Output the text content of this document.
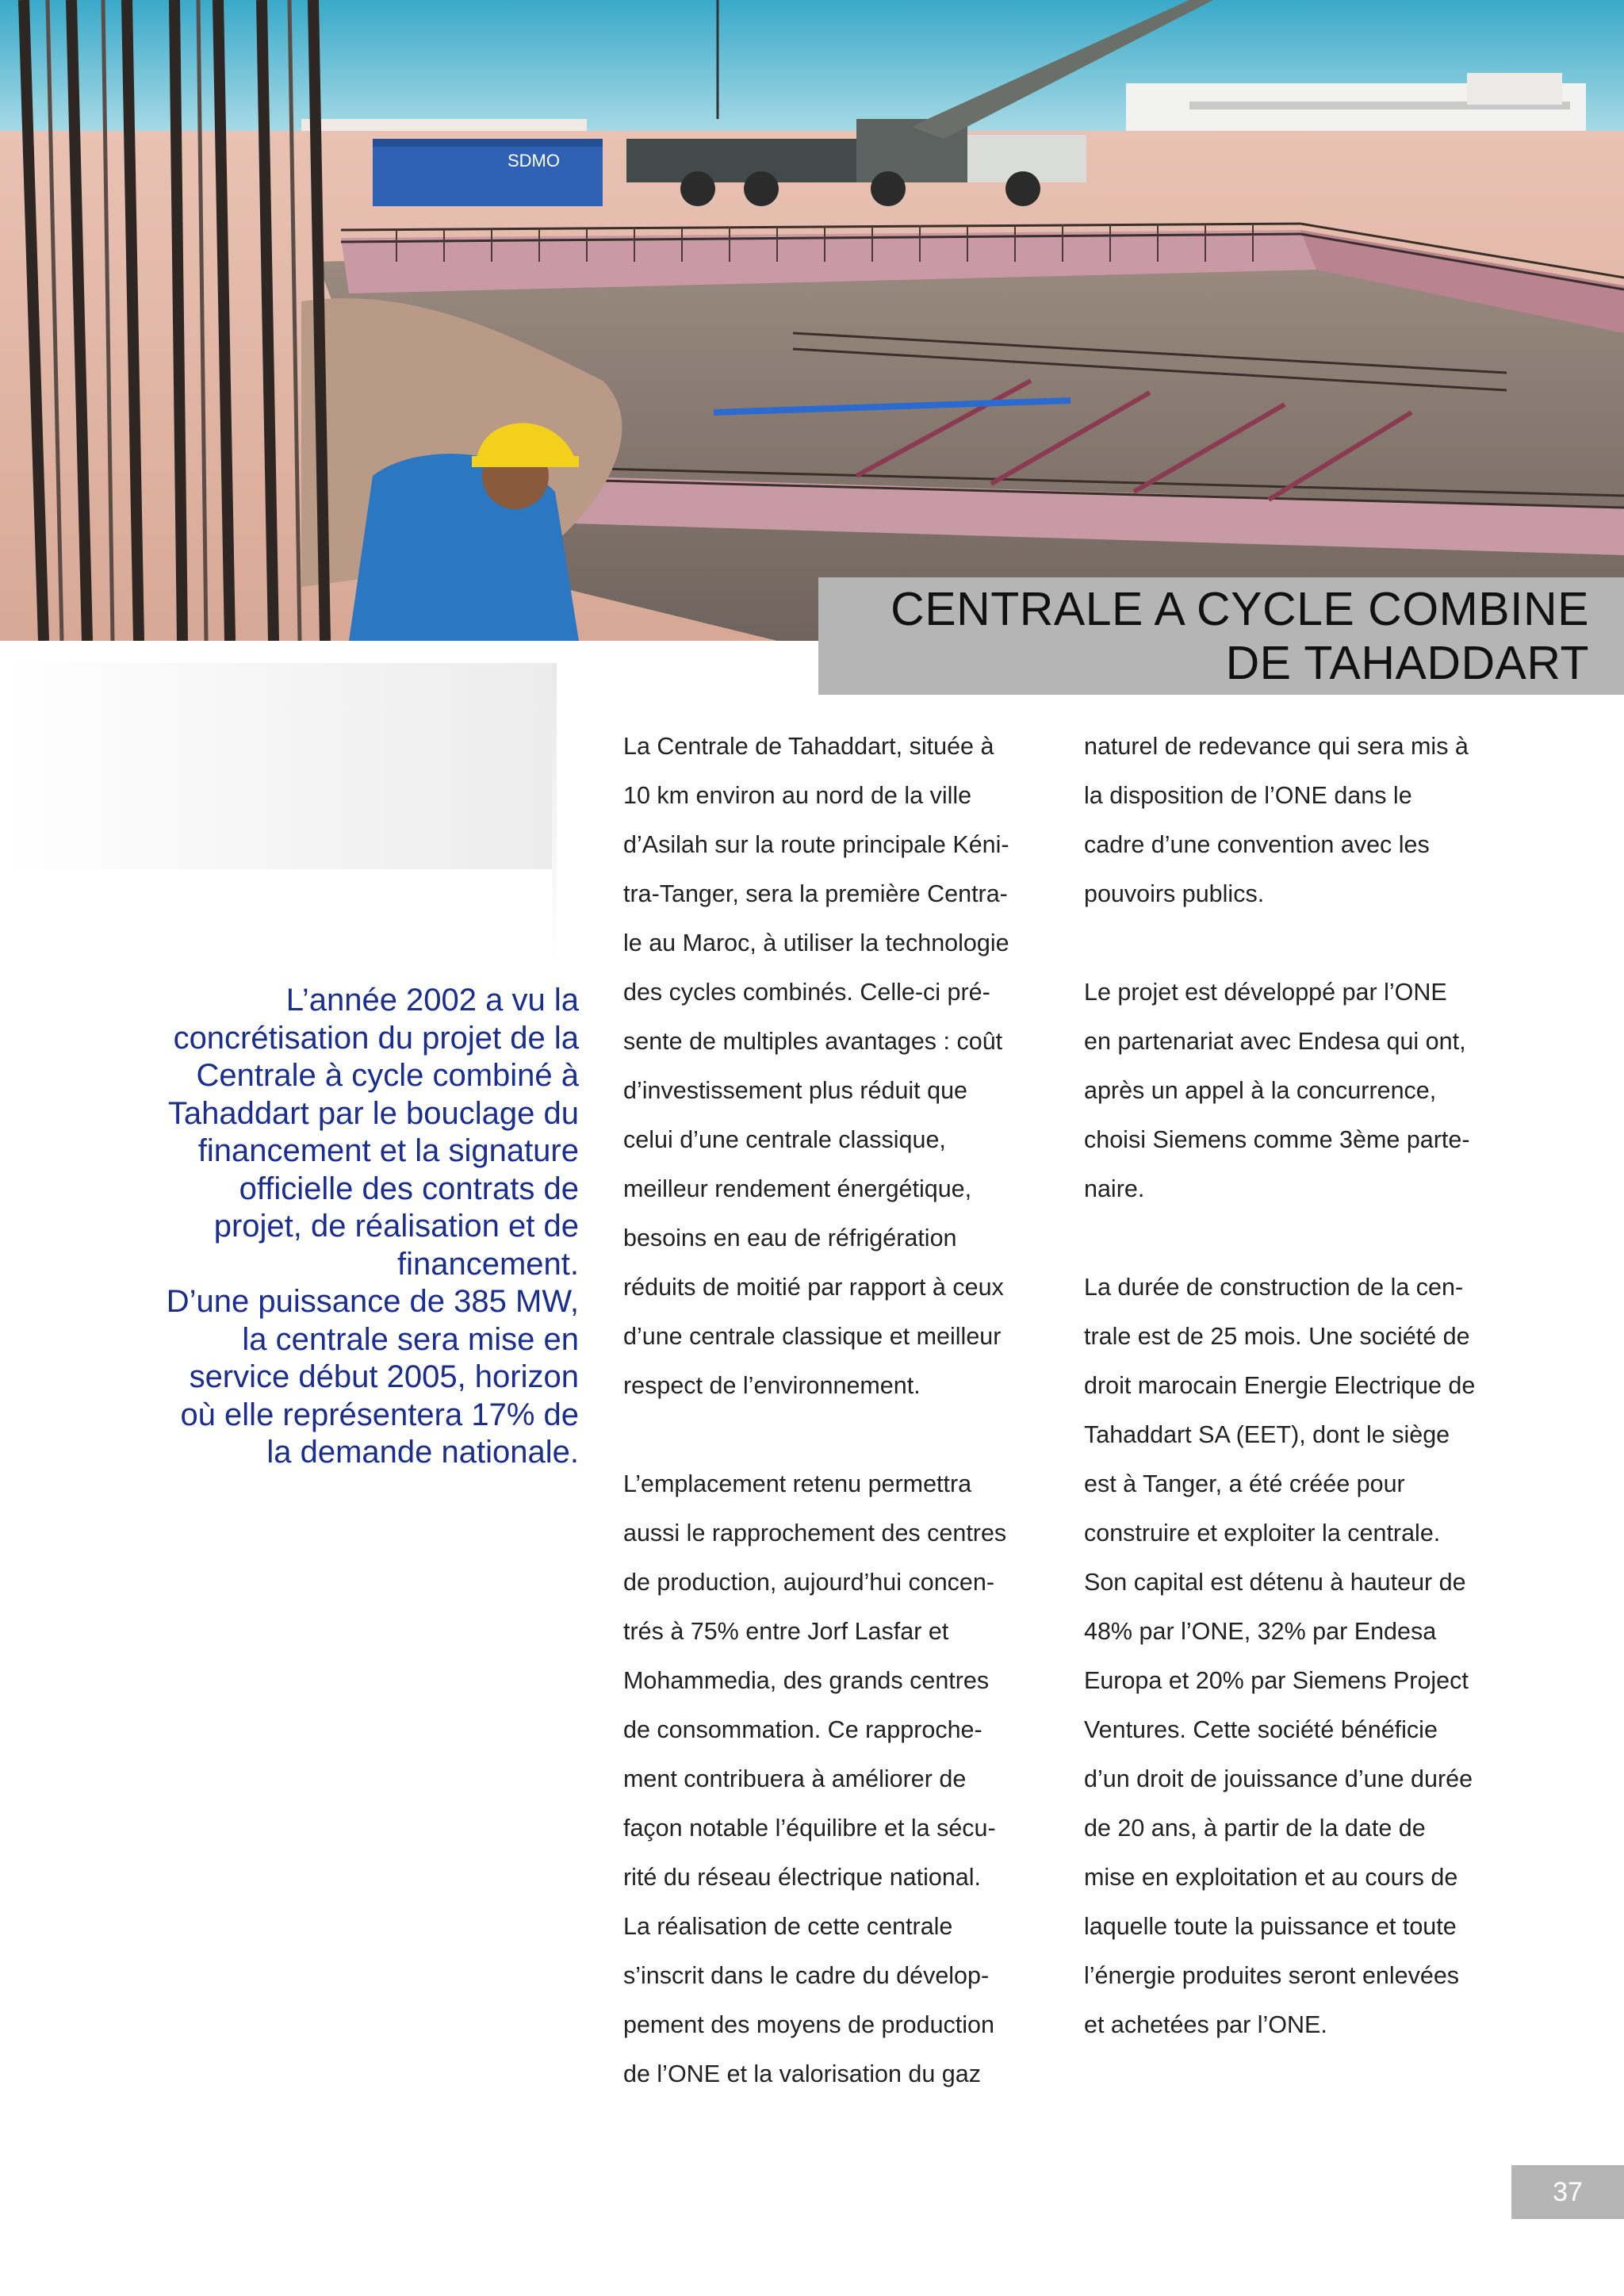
SDMO
CENTRALE A CYCLE COMBINE
DE TAHADDART

L’année 2002 a vu la concrétisation du projet de la Centrale à cycle combiné à Tahaddart par le bouclage du financement et la signature officielle des contrats de projet, de réalisation et de financement.

D’une puissance de 385 MW, la centrale sera mise en service début 2005, horizon où elle représentera 17% de la demande nationale.

La Centrale de Tahaddart, située à
10 km environ au nord de la ville
d’Asilah sur la route principale Kéni-
tra-Tanger, sera la première Centra-
le au Maroc, à utiliser la technologie
des cycles combinés. Celle-ci pré-
sente de multiples avantages : coût
d’investissement plus réduit que
celui d’une centrale classique,
meilleur rendement énergétique,
besoins en eau de réfrigération
réduits de moitié par rapport à ceux
d’une centrale classique et meilleur
respect de l’environnement.

L’emplacement retenu permettra
aussi le rapprochement des centres
de production, aujourd’hui concen-
trés à 75% entre Jorf Lasfar et
Mohammedia, des grands centres
de consommation. Ce rapproche-
ment contribuera à améliorer de
façon notable l’équilibre et la sécu-
rité du réseau électrique national.

La réalisation de cette centrale
s’inscrit dans le cadre du dévelop-
pement des moyens de production
de l’ONE et la valorisation du gaz

naturel de redevance qui sera mis à
la disposition de l’ONE dans le
cadre d’une convention avec les
pouvoirs publics.

Le projet est développé par l’ONE
en partenariat avec Endesa qui ont,
après un appel à la concurrence,
choisi Siemens comme 3ème parte-
naire.

La durée de construction de la cen-
trale est de 25 mois. Une société de
droit marocain Energie Electrique de
Tahaddart SA (EET), dont le siège
est à Tanger, a été créée pour
construire et exploiter la centrale.
Son capital est détenu à hauteur de
48% par l’ONE, 32% par Endesa
Europa et 20% par Siemens Project
Ventures. Cette société bénéficie
d’un droit de jouissance d’une durée
de 20 ans, à partir de la date de
mise en exploitation et au cours de
laquelle toute la puissance et toute
l’énergie produites seront enlevées
et achetées par l’ONE.

37
